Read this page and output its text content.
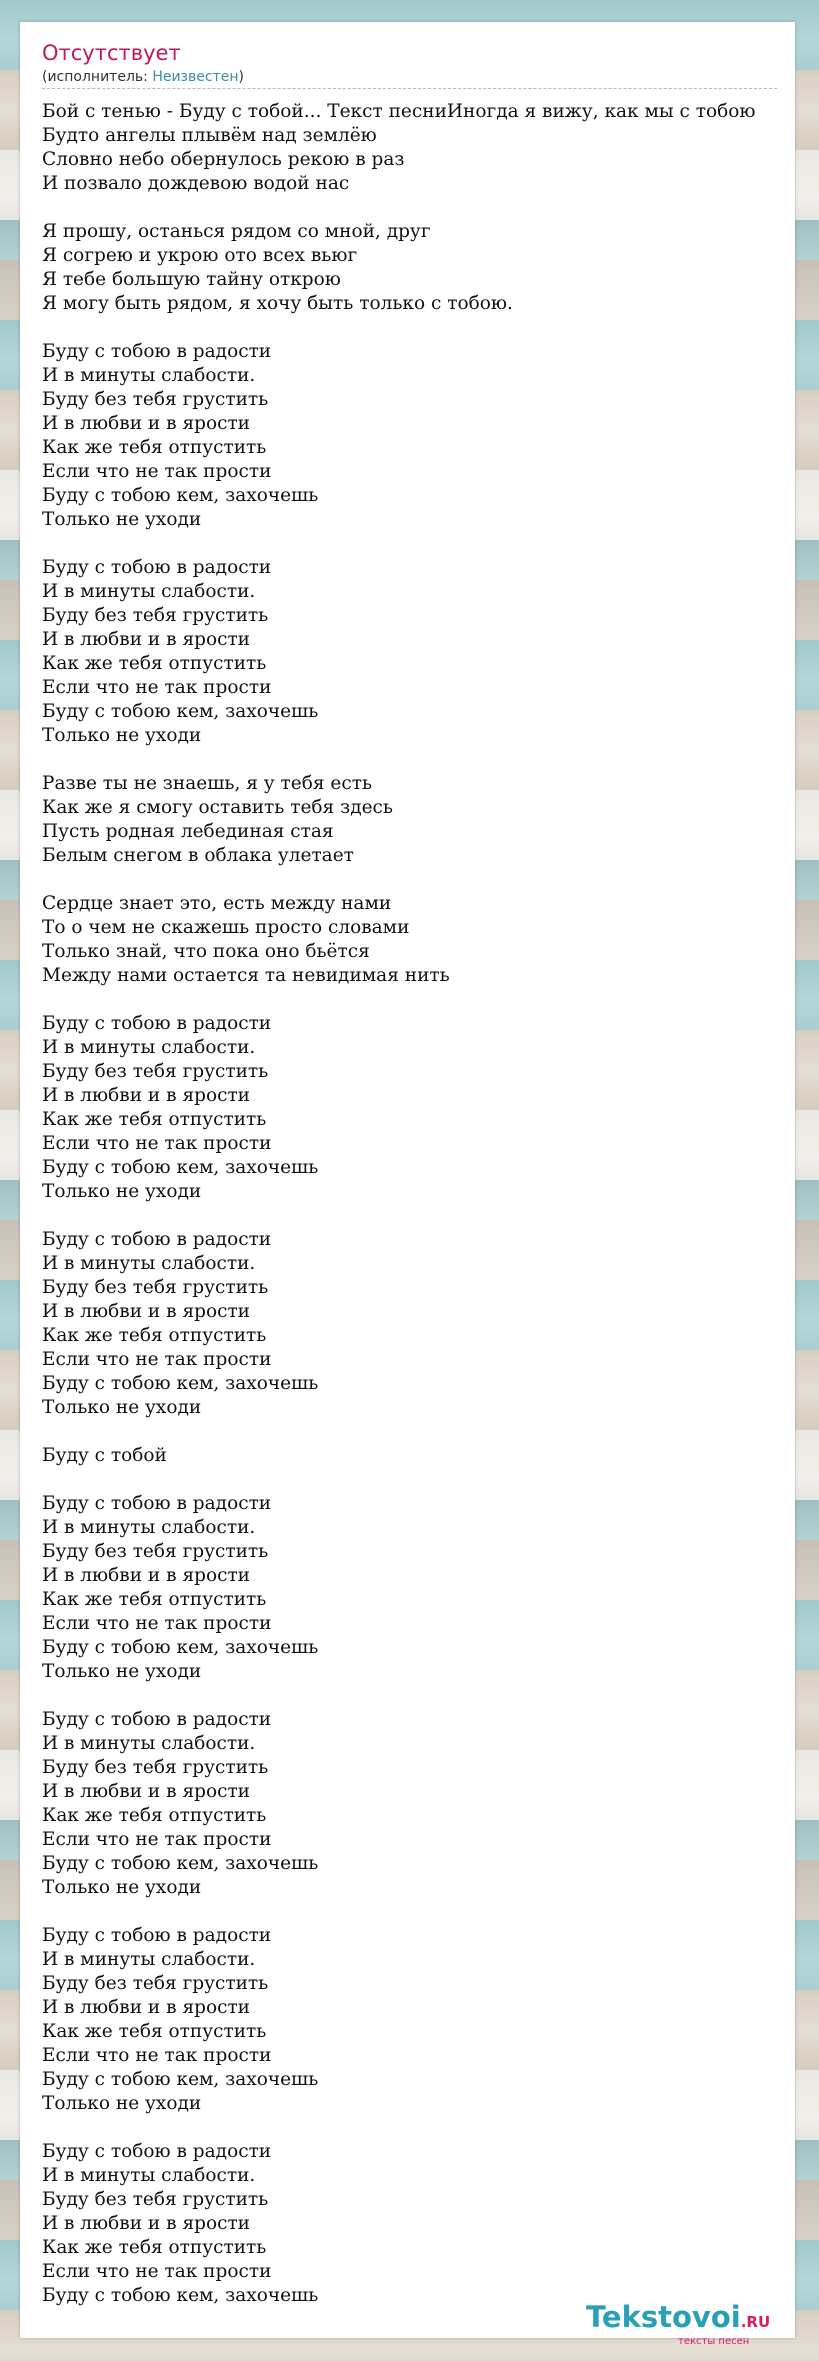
Отсутствует
(исполнитель: Неизвестен)
Бой с тенью - Буду с тобой... Текст песниИногда я вижу, как мы с тобою
Будто ангелы плывём над землёю
Словно небо обернулось рекою в раз
И позвало дождевою водой нас

Я прошу, останься рядом со мной, друг
Я согрею и укрою ото всех вьюг
Я тебе большую тайну открою
Я могу быть рядом, я хочу быть только с тобою.

Буду с тобою в радости
И в минуты слабости.
Буду без тебя грустить
И в любви и в ярости
Как же тебя отпустить
Если что не так прости
Буду с тобою кем, захочешь
Только не уходи

Буду с тобою в радости
И в минуты слабости.
Буду без тебя грустить
И в любви и в ярости
Как же тебя отпустить
Если что не так прости
Буду с тобою кем, захочешь
Только не уходи

Разве ты не знаешь, я у тебя есть
Как же я смогу оставить тебя здесь
Пусть родная лебединая стая
Белым снегом в облака улетает

Сердце знает это, есть между нами
То о чем не скажешь просто словами
Только знай, что пока оно бьётся
Между нами остается та невидимая нить

Буду с тобою в радости
И в минуты слабости.
Буду без тебя грустить
И в любви и в ярости
Как же тебя отпустить
Если что не так прости
Буду с тобою кем, захочешь
Только не уходи

Буду с тобою в радости
И в минуты слабости.
Буду без тебя грустить
И в любви и в ярости
Как же тебя отпустить
Если что не так прости
Буду с тобою кем, захочешь
Только не уходи

Буду с тобой

Буду с тобою в радости
И в минуты слабости.
Буду без тебя грустить
И в любви и в ярости
Как же тебя отпустить
Если что не так прости
Буду с тобою кем, захочешь
Только не уходи

Буду с тобою в радости
И в минуты слабости.
Буду без тебя грустить
И в любви и в ярости
Как же тебя отпустить
Если что не так прости
Буду с тобою кем, захочешь
Только не уходи

Буду с тобою в радости
И в минуты слабости.
Буду без тебя грустить
И в любви и в ярости
Как же тебя отпустить
Если что не так прости
Буду с тобою кем, захочешь
Только не уходи

Буду с тобою в радости
И в минуты слабости.
Буду без тебя грустить
И в любви и в ярости
Как же тебя отпустить
Если что не так прости
Буду с тобою кем, захочешь
Tekstovoi.RU
тексты песен
